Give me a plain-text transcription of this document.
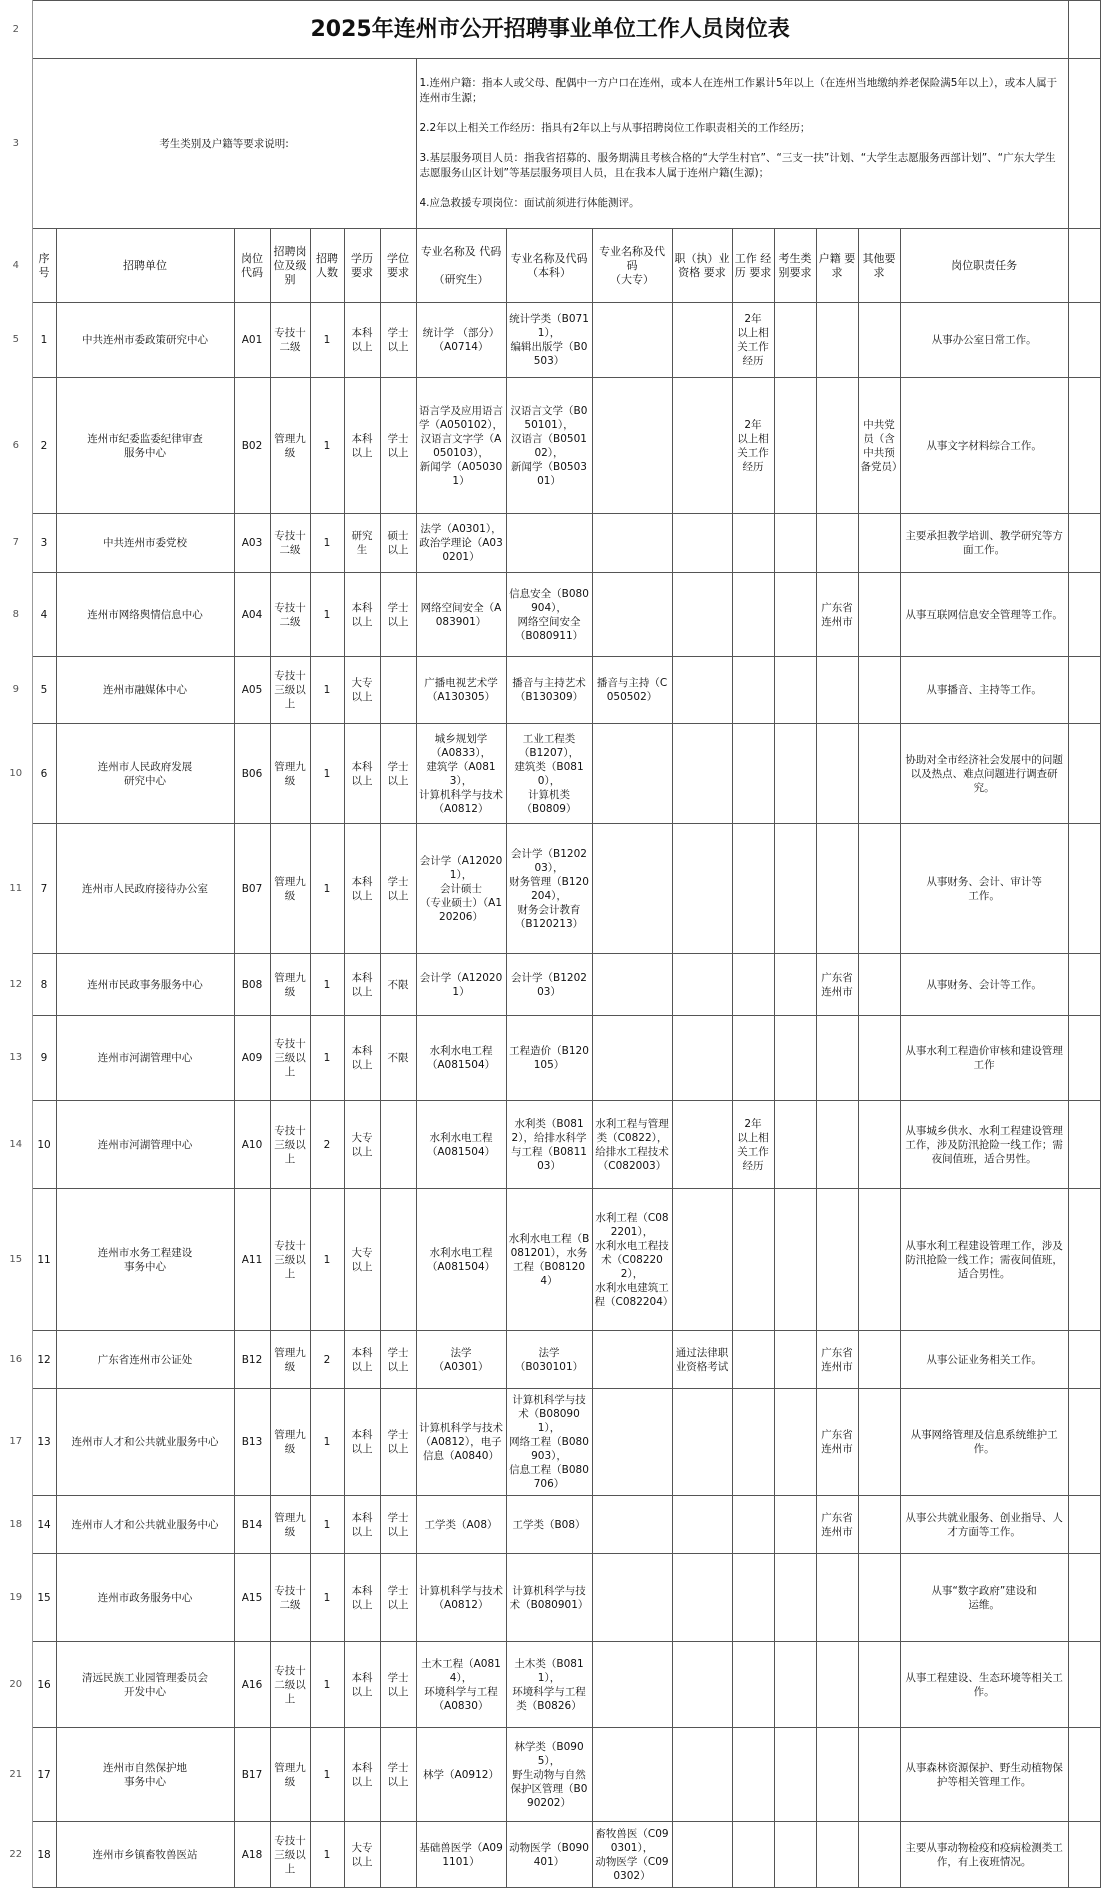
2	2025年连州市公开招聘事业单位工作人员岗位表																
3	考生类别及户籍等要求说明:							1.连州户籍：指本人或父母、配偶中一方户口在连州，或本人在连州工作累计5年以上（在连州当地缴纳养老保险满5年以上），或本人属于连州市生源；

2.2年以上相关工作经历：指具有2年以上与从事招聘岗位工作职责相关的工作经历；

3.基层服务项目人员：指我省招募的、服务期满且考核合格的“大学生村官”、“三支一扶”计划、“大学生志愿服务西部计划”、“广东大学生志愿服务山区计划”等基层服务项目人员，且在我本人属于连州户籍(生源)；

4.应急救援专项岗位：面试前须进行体能测评。									

4	序号	招聘单位	岗位代码	招聘岗位及级别	招聘人数	学历要求	学位要求	专业名称及 代码

（研究生）	专业名称及代码
（本科）	专业名称及代码
（大专）	职（执）业资格 要求	工作 经历 要求	考生类别要求	户籍 要求	其他要求	岗位职责任务	
5	1	中共连州市委政策研究中心	A01	专技十二级	1	本科以上	学士以上	统计学 （部分）
（A0714）	统计学类（B0711），
编辑出版学（B0503）			2年
以上相关工作经历				从事办公室日常工作。	
6	2	连州市纪委监委纪律审查
服务中心	B02	管理九级	1	本科以上	学士以上	语言学及应用语言学（A050102），
汉语言文字学（A050103），
新闻学（A050301）	汉语言文学（B050101），
汉语言（B050102），
新闻学（B050301）			2年
以上相关工作经历			中共党员（含中共预备党员）	从事文字材料综合工作。	
7	3	中共连州市委党校	A03	专技十二级	1	研究生	硕士以上	法学（A0301），
政治学理论（A030201）								主要承担教学培训、教学研究等方面工作。	
8	4	连州市网络舆情信息中心	A04	专技十二级	1	本科以上	学士以上	网络空间安全（A083901）	信息安全（B080904），
网络空间安全
（B080911）					广东省连州市		从事互联网信息安全管理等工作。	
9	5	连州市融媒体中心	A05	专技十三级以上	1	大专以上		广播电视艺术学（A130305）	播音与主持艺术（B130309）	播音与主持（C050502）						从事播音、主持等工作。	
10	6	连州市人民政府发展
研究中心	B06	管理九级	1	本科以上	学士以上	城乡规划学
（A0833），
建筑学（A0813），
计算机科学与技术（A0812）	工业工程类
（B1207），
建筑类（B0810），
计算机类
（B0809）							协助对全市经济社会发展中的问题以及热点、难点问题进行调查研究。	
11	7	连州市人民政府接待办公室	B07	管理九级	1	本科以上	学士以上	会计学（A120201），
会计硕士
（专业硕士）（A120206）	会计学（B120203），
财务管理（B120204），
财务会计教育
（B120213）							从事财务、会计、审计等
工作。	
12	8	连州市民政事务服务中心	B08	管理九级	1	本科以上	不限	会计学（A120201）	会计学（B120203）					广东省连州市		从事财务、会计等工作。	
13	9	连州市河湖管理中心	A09	专技十三级以上	1	本科以上	不限	水利水电工程
（A081504）	工程造价（B120105）							从事水利工程造价审核和建设管理工作	
14	10	连州市河湖管理中心	A10	专技十三级以上	2	大专以上		水利水电工程
（A081504）	水利类（B0812），给排水科学与工程（B081103）	水利工程与管理类（C0822），
给排水工程技术（C082003）		2年
以上相关工作经历				从事城乡供水、水利工程建设管理工作，涉及防汛抢险一线工作；需夜间值班，适合男性。	
15	11	连州市水务工程建设
事务中心	A11	专技十三级以上	1	大专以上		水利水电工程
（A081504）	水利水电工程（B081201），水务工程（B081204）	水利工程（C082201），
水利水电工程技术（C082202），
水利水电建筑工程（C082204）						从事水利工程建设管理工作，涉及防汛抢险一线工作；需夜间值班，适合男性。	
16	12	广东省连州市公证处	B12	管理九级	2	本科以上	学士以上	法学
（A0301）	法学
（B030101）		通过法律职业资格考试			广东省连州市		从事公证业务相关工作。	
17	13	连州市人才和公共就业服务中心	B13	管理九级	1	本科以上	学士以上	计算机科学与技术（A0812），电子信息（A0840）	计算机科学与技术（B080901），
网络工程（B080903），
信息工程（B080706）					广东省连州市		从事网络管理及信息系统维护工作。	
18	14	连州市人才和公共就业服务中心	B14	管理九级	1	本科以上	学士以上	工学类（A08）	工学类（B08）					广东省连州市		从事公共就业服务、创业指导、人才方面等工作。	
19	15	连州市政务服务中心	A15	专技十二级	1	本科以上	学士以上	计算机科学与技术（A0812）	计算机科学与技术（B080901）							从事“数字政府”建设和
运维。	
20	16	清远民族工业园管理委员会
开发中心	A16	专技十二级以上	1	本科以上	学士以上	土木工程（A0814），
环境科学与工程（A0830）	土木类（B0811），
环境科学与工程类（B0826）							从事工程建设、生态环境等相关工作。	
21	17	连州市自然保护地
事务中心	B17	管理九级	1	本科以上	学士以上	林学（A0912）	林学类（B0905），
野生动物与自然保护区管理（B090202）							从事森林资源保护、野生动植物保护等相关管理工作。	
22	18	连州市乡镇畜牧兽医站	A18	专技十三级以上	1	大专以上		基础兽医学（A091101）	动物医学（B090401）	畜牧兽医（C090301），
动物医学（C090302）						主要从事动物检疫和疫病检测类工作，有上夜班情况。	
